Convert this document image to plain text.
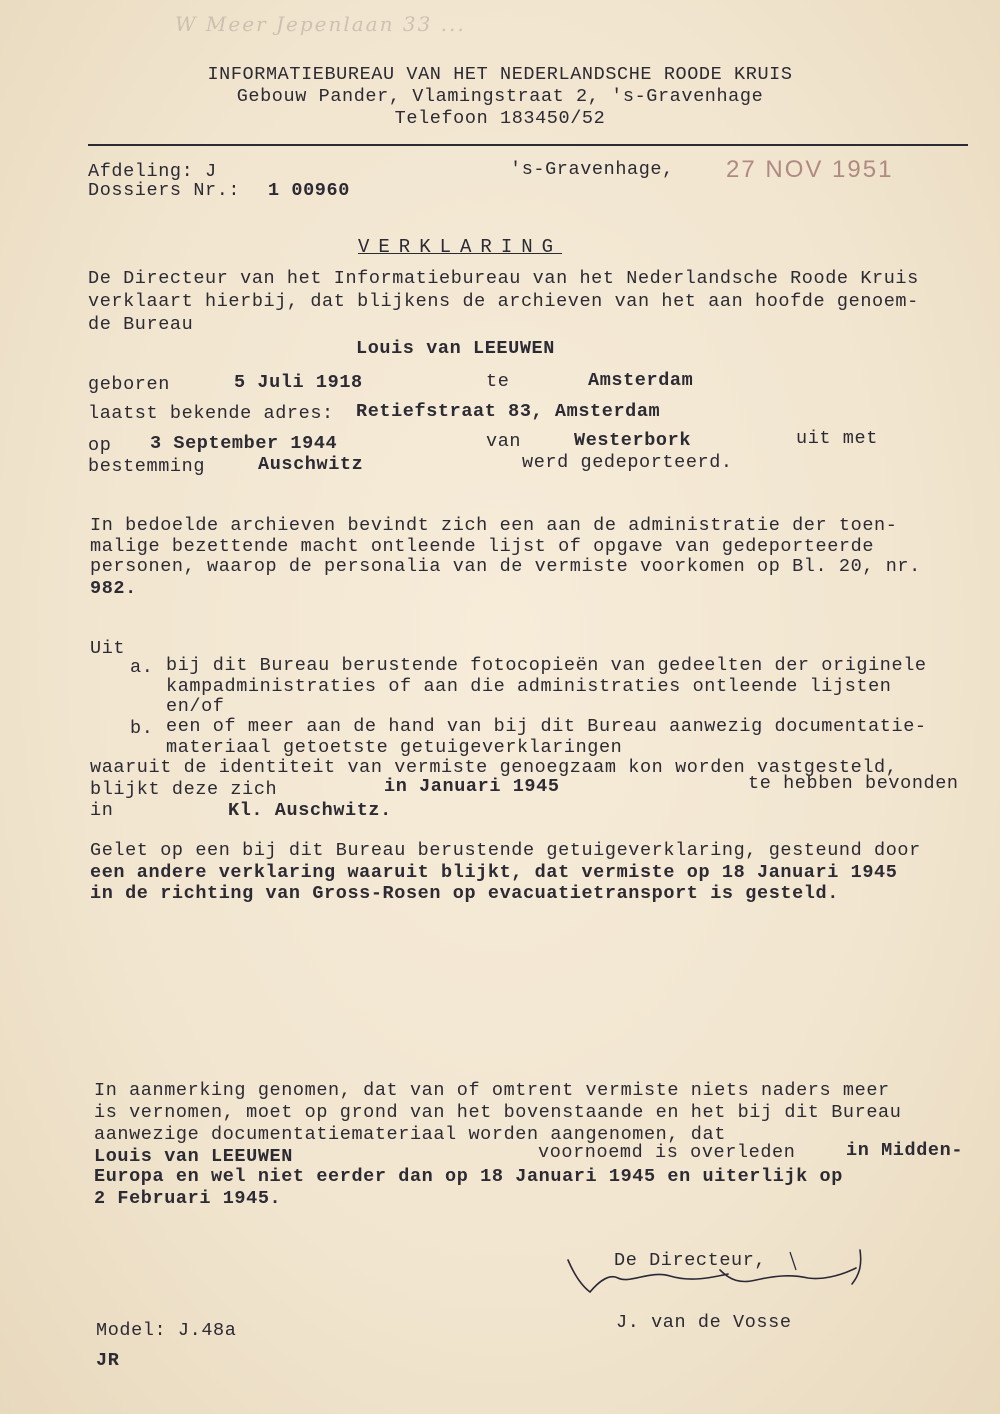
W Meer Jepenlaan 33 ...
INFORMATIEBUREAU VAN HET NEDERLANDSCHE ROODE KRUIS
Gebouw Pander, Vlamingstraat 2, 's-Gravenhage
Telefoon 183450/52
Afdeling: J
Dossiers Nr.: 1 00960
's-Gravenhage, 27 NOV 1951
VERKLARING
De Directeur van het Informatiebureau van het Nederlandsche Roode Kruis
verklaart hierbij, dat blijkens de archieven van het aan hoofde genoem-
de Bureau
Louis van LEEUWEN
geboren	5 Juli 1918	te	Amsterdam
laatst bekende adres: Retiefstraat 83, Amsterdam
op 3 September 1944	van	Westerbork	uit met
bestemming	Auschwitz	werd gedeporteerd.
In bedoelde archieven bevindt zich een aan de administratie der toen-
malige bezettende macht ontleende lijst of opgave van gedeporteerde
personen, waarop de personalia van de vermiste voorkomen op Bl. 20, nr.
982.
Uit
a. bij dit Bureau berustende fotocopieën van gedeelten der originele
kampadministraties of aan die administraties ontleende lijsten
en/of
b. een of meer aan de hand van bij dit Bureau aanwezig documentatie-
materiaal getoetste getuigeverklaringen
waaruit de identiteit van vermiste genoegzaam kon worden vastgesteld,
blijkt deze zich	in Januari 1945	te hebben bevonden
in	Kl. Auschwitz.
Gelet op een bij dit Bureau berustende getuigeverklaring, gesteund door
een andere verklaring waaruit blijkt, dat vermiste op 18 Januari 1945
in de richting van Gross-Rosen op evacuatietransport is gesteld.
In aanmerking genomen, dat van of omtrent vermiste niets naders meer
is vernomen, moet op grond van het bovenstaande en het bij dit Bureau
aanwezige documentatiemateriaal worden aangenomen, dat
Louis van LEEUWEN	voornoemd is overleden	in Midden-
Europa en wel niet eerder dan op 18 Januari 1945 en uiterlijk op
2 Februari 1945.
De Directeur,
J. van de Vosse
Model: J.48a
JR
